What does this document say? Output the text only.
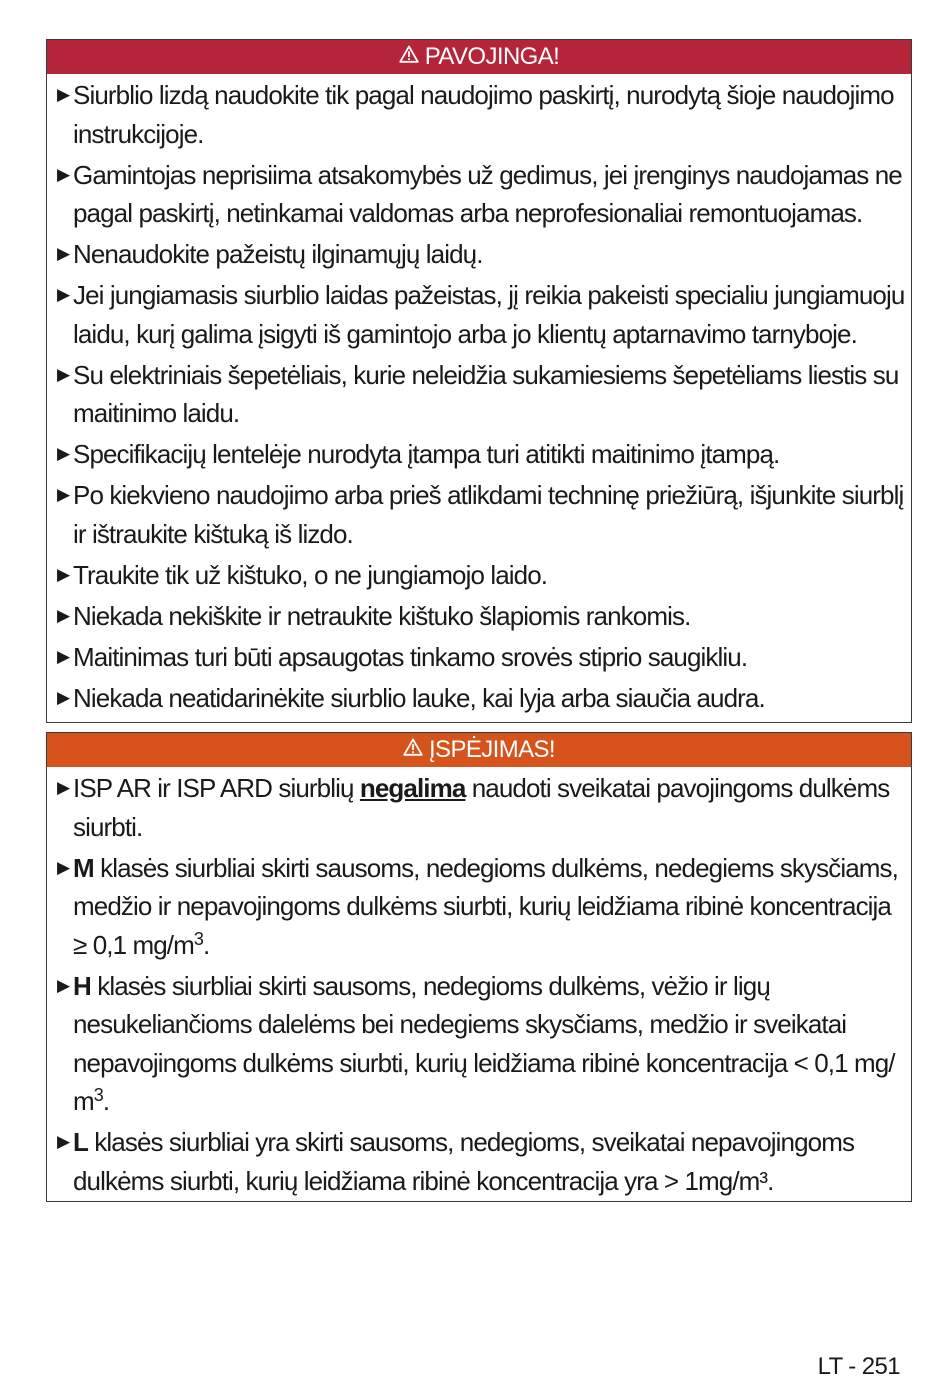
PAVOJINGA!
▶ Siurblio lizdą naudokite tik pagal naudojimo paskirtį, nurodytą šioje naudojimo instrukcijoje.
▶ Gamintojas neprisiima atsakomybės už gedimus, jei įrenginys naudojamas ne pagal paskirtį, netinkamai valdomas arba neprofesionaliai remontuojamas.
▶ Nenaudokite pažeistų ilginamųjų laidų.
▶ Jei jungiamasis siurblio laidas pažeistas, jį reikia pakeisti specialiu jungiamuoju laidu, kurį galima įsigyti iš gamintojo arba jo klientų aptarnavimo tarnyboje.
▶ Su elektriniais šepetėliais, kurie neleidžia sukamiesiems šepetėliams liestis su maitinimo laidu.
▶ Specifikacijų lentelėje nurodyta įtampa turi atitikti maitinimo įtampą.
▶ Po kiekvieno naudojimo arba prieš atlikdami techninę priežiūrą, išjunkite siurblį ir ištraukite kištuką iš lizdo.
▶ Traukite tik už kištuko, o ne jungiamojo laido.
▶ Niekada nekiškite ir netraukite kištuko šlapiomis rankomis.
▶ Maitinimas turi būti apsaugotas tinkamo srovės stiprio saugikliu.
▶ Niekada neatidarinėkite siurblio lauke, kai lyja arba siaučia audra.
ĮSPĖJIMAS!
▶ ISP AR ir ISP ARD siurblių negalima naudoti sveikatai pavojingoms dulkėms siurbti.
▶ M klasės siurbliai skirti sausoms, nedegioms dulkėms, nedegiems skysčiams, medžio ir nepavojingoms dulkėms siurbti, kurių leidžiama ribinė koncentracija ≥ 0,1 $mg/m^3$.
▶ H klasės siurbliai skirti sausoms, nedegioms dulkėms, vėžio ir ligų nesukeliančioms dalelėms bei nedegiems skysčiams, medžio ir sveikatai nepavojingoms dulkėms siurbti, kurių leidžiama ribinė koncentracija < 0,1 mg/ $m^3$.
▶ L klasės siurbliai yra skirti sausoms, nedegioms, sveikatai nepavojingoms dulkėms siurbti, kurių leidžiama ribinė koncentracija yra > 1mg/m³.
LT - 251
